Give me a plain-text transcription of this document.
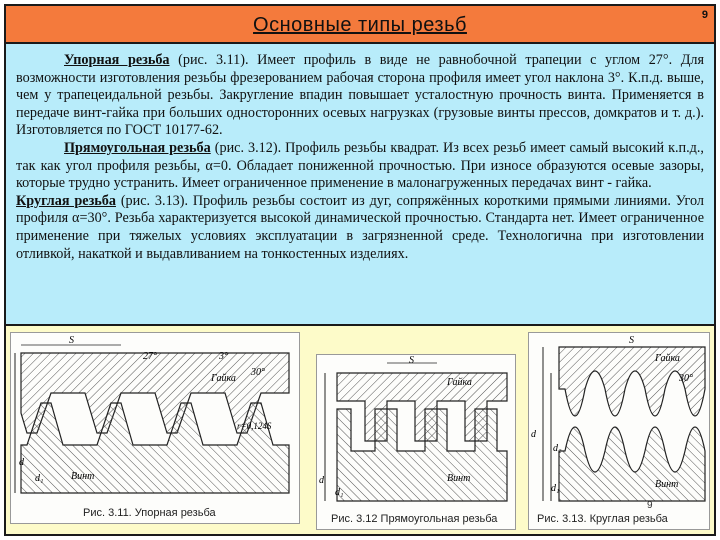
Основные типы резьб	9

Упорная резьба (рис. 3.11). Имеет профиль в виде не равнобочной трапеции с углом 27°. Для возможности изготовления резьбы фрезерованием рабочая сторона профиля имеет угол наклона 3°. К.п.д. выше, чем у трапецеидальной резьбы. Закругление впадин повышает усталостную прочность винта. Применяется в передаче винт-гайка при больших односторонних осевых нагрузках (грузовые винты прессов, домкратов и т. д.). Изготовляется по ГОСТ 10177-62.

Прямоугольная резьба (рис. 3.12). Профиль резьбы квадрат. Из всех резьб имеет самый высокий к.п.д., так как угол профиля резьбы, α=0. Обладает пониженной прочностью. При износе образуются осевые зазоры, которые трудно устранить. Имеет ограниченное применение в малонагруженных передачах винт - гайка.

Круглая резьба (рис. 3.13). Профиль резьбы состоит из дуг, сопряжённых короткими прямыми линиями. Угол профиля α=30°. Резьба характеризуется высокой динамической прочностью. Стандарта нет. Имеет ограниченное применение при тяжелых условиях эксплуатации в загрязненной среде. Технологична при изготовлении отливкой, накаткой и выдавливанием на тонкостенных изделиях.

27°	3°
30°
r=0,124S
S
Винт
Гайка
d
d₁
Рис. 3.11. Упорная резьба
S
Гайка
Винт
d
d₁
Рис. 3.12 Прямоугольная резьба
S
30°
Гайка
Винт
d
d₁
d₂
Рис. 3.13. Круглая резьба
9
